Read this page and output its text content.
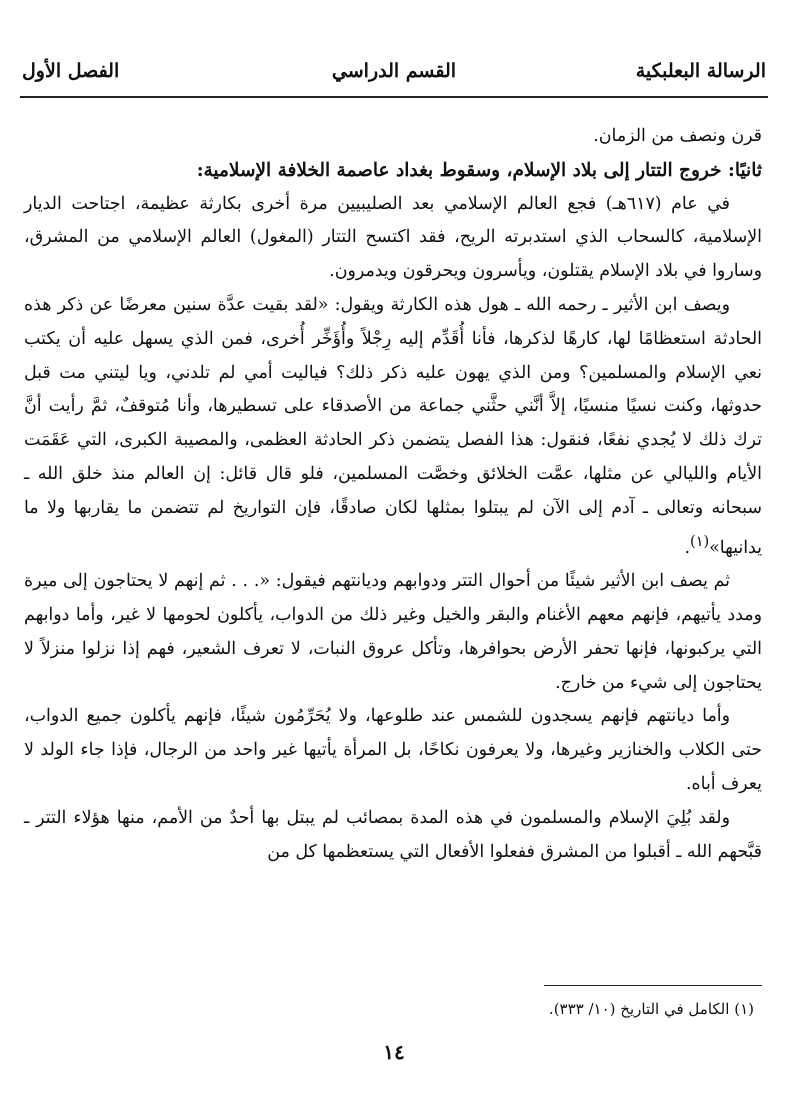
الرسالة البعلبكية
القسم الدراسي
الفصل الأول

قرن ونصف من الزمان.

ثانيًا: خروج التتار إلى بلاد الإسلام، وسقوط بغداد عاصمة الخلافة الإسلامية:

في عام (٦١٧هـ) فجع العالم الإسلامي بعد الصليبيين مرة أخرى بكارثة عظيمة، اجتاحت الديار الإسلامية، كالسحاب الذي استدبرته الريح، فقد اكتسح التتار (المغول) العالم الإسلامي من المشرق، وساروا في بلاد الإسلام يقتلون، ويأسرون ويحرقون ويدمرون.

ويصف ابن الأثير ـ رحمه الله ـ هول هذه الكارثة ويقول: «لقد بقيت عدَّة سنين معرضًا عن ذكر هذه الحادثة استعظامًا لها، كارهًا لذكرها، فأنا أُقَدِّم إليه رِجْلاً وأُؤَخِّر أُخرى، فمن الذي يسهل عليه أن يكتب نعي الإسلام والمسلمين؟ ومن الذي يهون عليه ذكر ذلك؟ فياليت أمي لم تلدني، ويا ليتني مت قبل حدوثها، وكنت نسيًا منسيًا، إلاَّ أنَّني حثَّني جماعة من الأصدقاء على تسطيرها، وأنا مُتوقفٌ، ثمَّ رأيت أنَّ ترك ذلك لا يُجدي نفعًا، فنقول: هذا الفصل يتضمن ذكر الحادثة العظمى، والمصيبة الكبرى، التي عَقَمَت الأيام والليالي عن مثلها، عمَّت الخلائق وخصَّت المسلمين، فلو قال قائل: إن العالم منذ خلق الله ـ سبحانه وتعالى ـ آدم إلى الآن لم يبتلوا بمثلها لكان صادقًا، فإن التواريخ لم تتضمن ما يقاربها ولا ما يدانيها»$^{(١)}$.

ثم يصف ابن الأثير شيئًا من أحوال التتر ودوابهم وديانتهم فيقول: «. . . ثم إنهم لا يحتاجون إلى ميرة ومدد يأتيهم، فإنهم معهم الأغنام والبقر والخيل وغير ذلك من الدواب، يأكلون لحومها لا غير، وأما دوابهم التي يركبونها، فإنها تحفر الأرض بحوافرها، وتأكل عروق النبات، لا تعرف الشعير، فهم إذا نزلوا منزلاً لا يحتاجون إلى شيء من خارج.

وأما ديانتهم فإنهم يسجدون للشمس عند طلوعها، ولا يُحَرِّمُون شيئًا، فإنهم يأكلون جميع الدواب، حتى الكلاب والخنازير وغيرها، ولا يعرفون نكاحًا، بل المرأة يأتيها غير واحد من الرجال، فإذا جاء الولد لا يعرف أباه.

ولقد بُلِيَ الإسلام والمسلمون في هذه المدة بمصائب لم يبتل بها أحدٌ من الأمم، منها هؤلاء التتر ـ قبَّحهم الله ـ أقبلوا من المشرق ففعلوا الأفعال التي يستعظمها كل من

(١) الكامل في التاريخ (١٠/ ٣٣٣).
١٤
